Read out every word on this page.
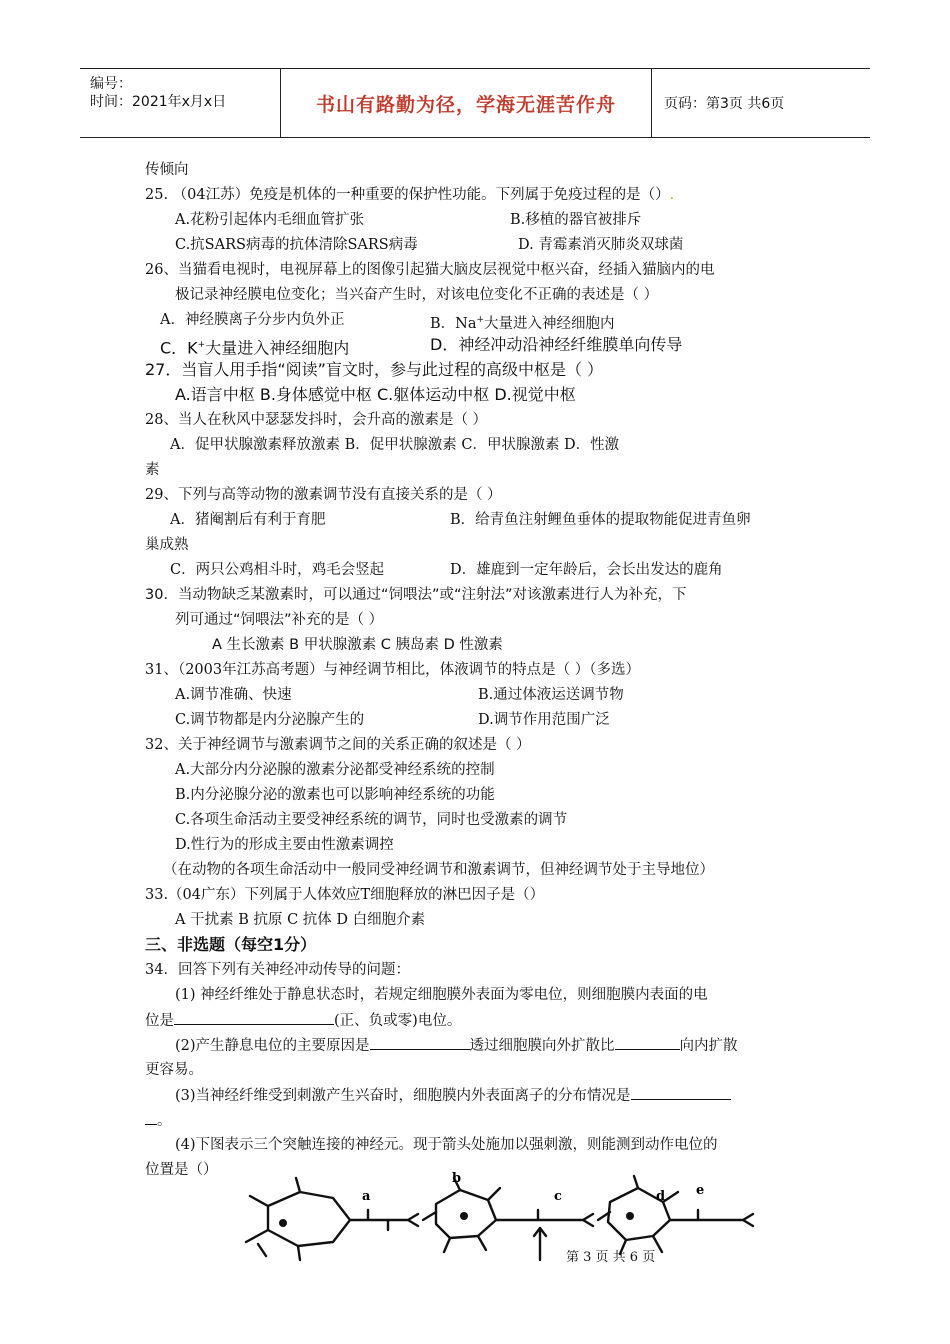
编号：
时间：2021年x月x日	书山有路勤为径，学海无涯苦作舟	页码：第3页 共6页
传倾向
25. （04江苏）免疫是机体的一种重要的保护性功能。下列属于免疫过程的是（）.
A.花粉引起体内毛细血管扩张	B.移植的器官被排斥
C.抗SARS病毒的抗体清除SARS病毒	D. 青霉素消灭肺炎双球菌
26、当猫看电视时，电视屏幕上的图像引起猫大脑皮层视觉中枢兴奋，经插入猫脑内的电
极记录神经膜电位变化；当兴奋产生时，对该电位变化不正确的表述是（ ）
A．神经膜离子分步内负外正	B．Na+大量进入神经细胞内
C．K+大量进入神经细胞内	D．神经冲动沿神经纤维膜单向传导
27．当盲人用手指“阅读”盲文时，参与此过程的高级中枢是（ ）
A.语言中枢 B.身体感觉中枢 C.躯体运动中枢 D.视觉中枢
28、当人在秋风中瑟瑟发抖时，会升高的激素是（ ）
A．促甲状腺激素释放激素 B．促甲状腺激素 C．甲状腺激素 D．性激
素
29、下列与高等动物的激素调节没有直接关系的是（ ）
A．猪阉割后有利于育肥	B．给青鱼注射鲤鱼垂体的提取物能促进青鱼卵
巢成熟
C．两只公鸡相斗时，鸡毛会竖起	D．雄鹿到一定年龄后，会长出发达的鹿角
30．当动物缺乏某激素时，可以通过“饲喂法”或“注射法”对该激素进行人为补充，下
列可通过“饲喂法”补充的是（ ）
A 生长激素 B 甲状腺激素 C 胰岛素 D 性激素
31、（2003年江苏高考题）与神经调节相比，体液调节的特点是（ ）（多选）
A.调节准确、快速	B.通过体液运送调节物
C.调节物都是内分泌腺产生的	D.调节作用范围广泛
32、关于神经调节与激素调节之间的关系正确的叙述是（ ）
A.大部分内分泌腺的激素分泌都受神经系统的控制
B.内分泌腺分泌的激素也可以影响神经系统的功能
C.各项生命活动主要受神经系统的调节，同时也受激素的调节
D.性行为的形成主要由性激素调控
（在动物的各项生命活动中一般同受神经调节和激素调节，但神经调节处于主导地位）
33.（04广东）下列属于人体效应T细胞释放的淋巴因子是（）
A 干扰素 B 抗原 C 抗体 D 白细胞介素
三、非选题（每空1分）
34．回答下列有关神经冲动传导的问题：
(1) 神经纤维处于静息状态时，若规定细胞膜外表面为零电位，则细胞膜内表面的电
位是	(正、负或零)电位。
(2)产生静息电位的主要原因是	透过细胞膜向外扩散比	向内扩散
更容易。
(3)当神经纤维受到刺激产生兴奋时，细胞膜内外表面离子的分布情况是
。
(4)下图表示三个突触连接的神经元。现于箭头处施加以强刺激，则能测到动作电位的
位置是（）
a
b
c	d e
第 3 页 共 6 页
